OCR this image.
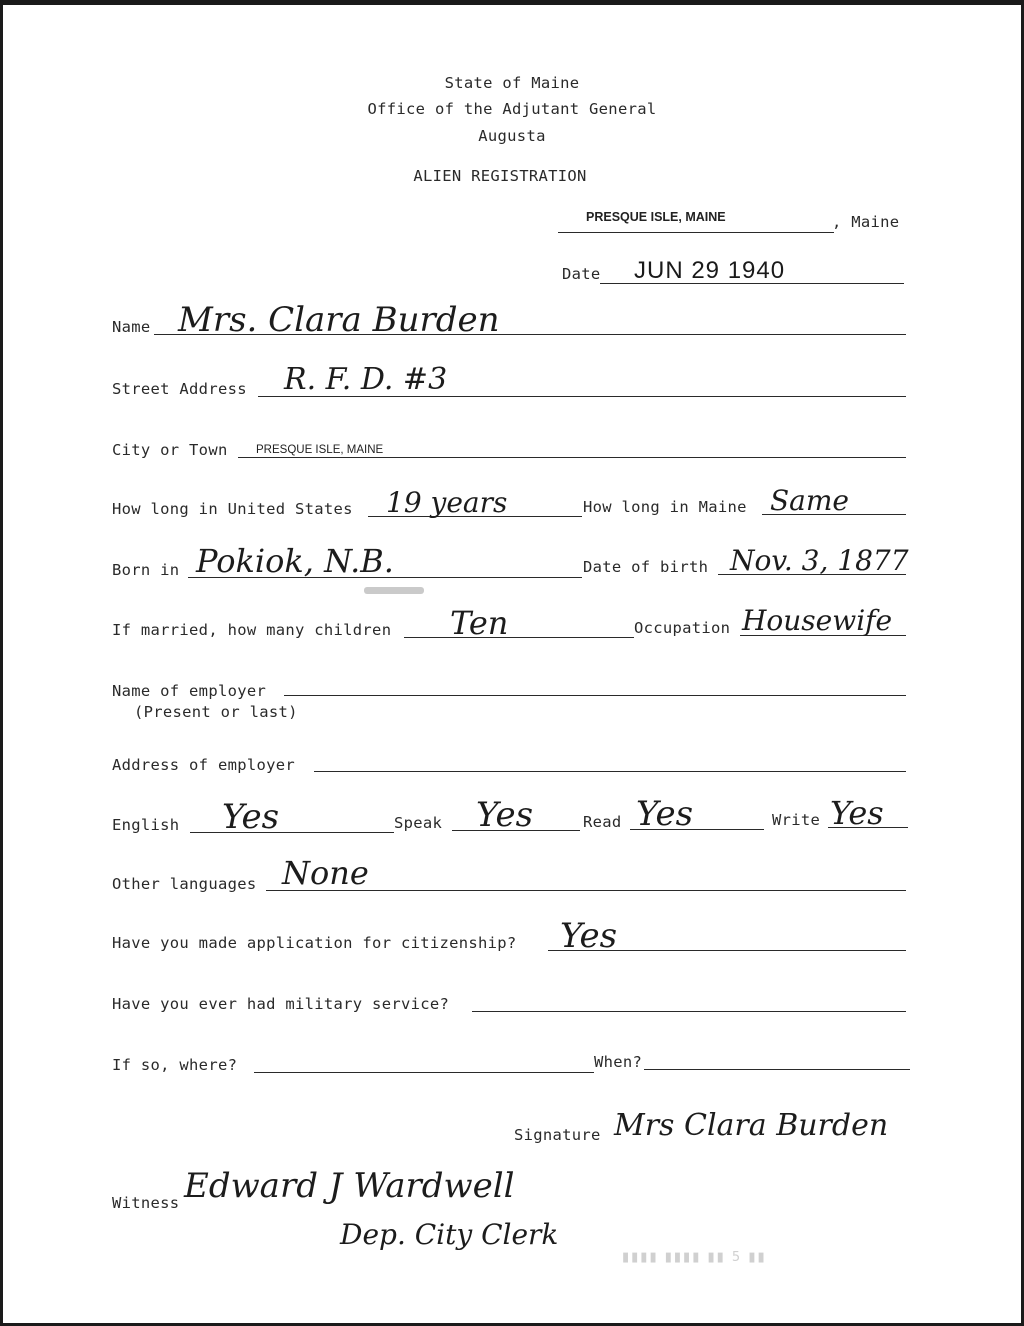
State of Maine
Office of the Adjutant General
Augusta
ALIEN REGISTRATION
PRESQUE ISLE, MAINE	, Maine
Date JUN 29 1940
Name Mrs. Clara Burden
Street Address R. F. D. #3
City or Town PRESQUE ISLE, MAINE
How long in United States 19 years	How long in Maine Same
Born in Pokiok, N.B.	Date of birth Nov. 3, 1877
If married, how many children Ten	Occupation Housewife
Name of employer
(Present or last)
Address of employer
English Yes	Speak Yes	Read Yes	Write Yes
Other languages None
Have you made application for citizenship? Yes
Have you ever had military service?
If so, where?	When?
Signature Mrs Clara Burden
Witness Edward J Wardwell
Dep. City Clerk
▮▮▮▮ ▮▮▮▮ ▮▮ 5 ▮▮
